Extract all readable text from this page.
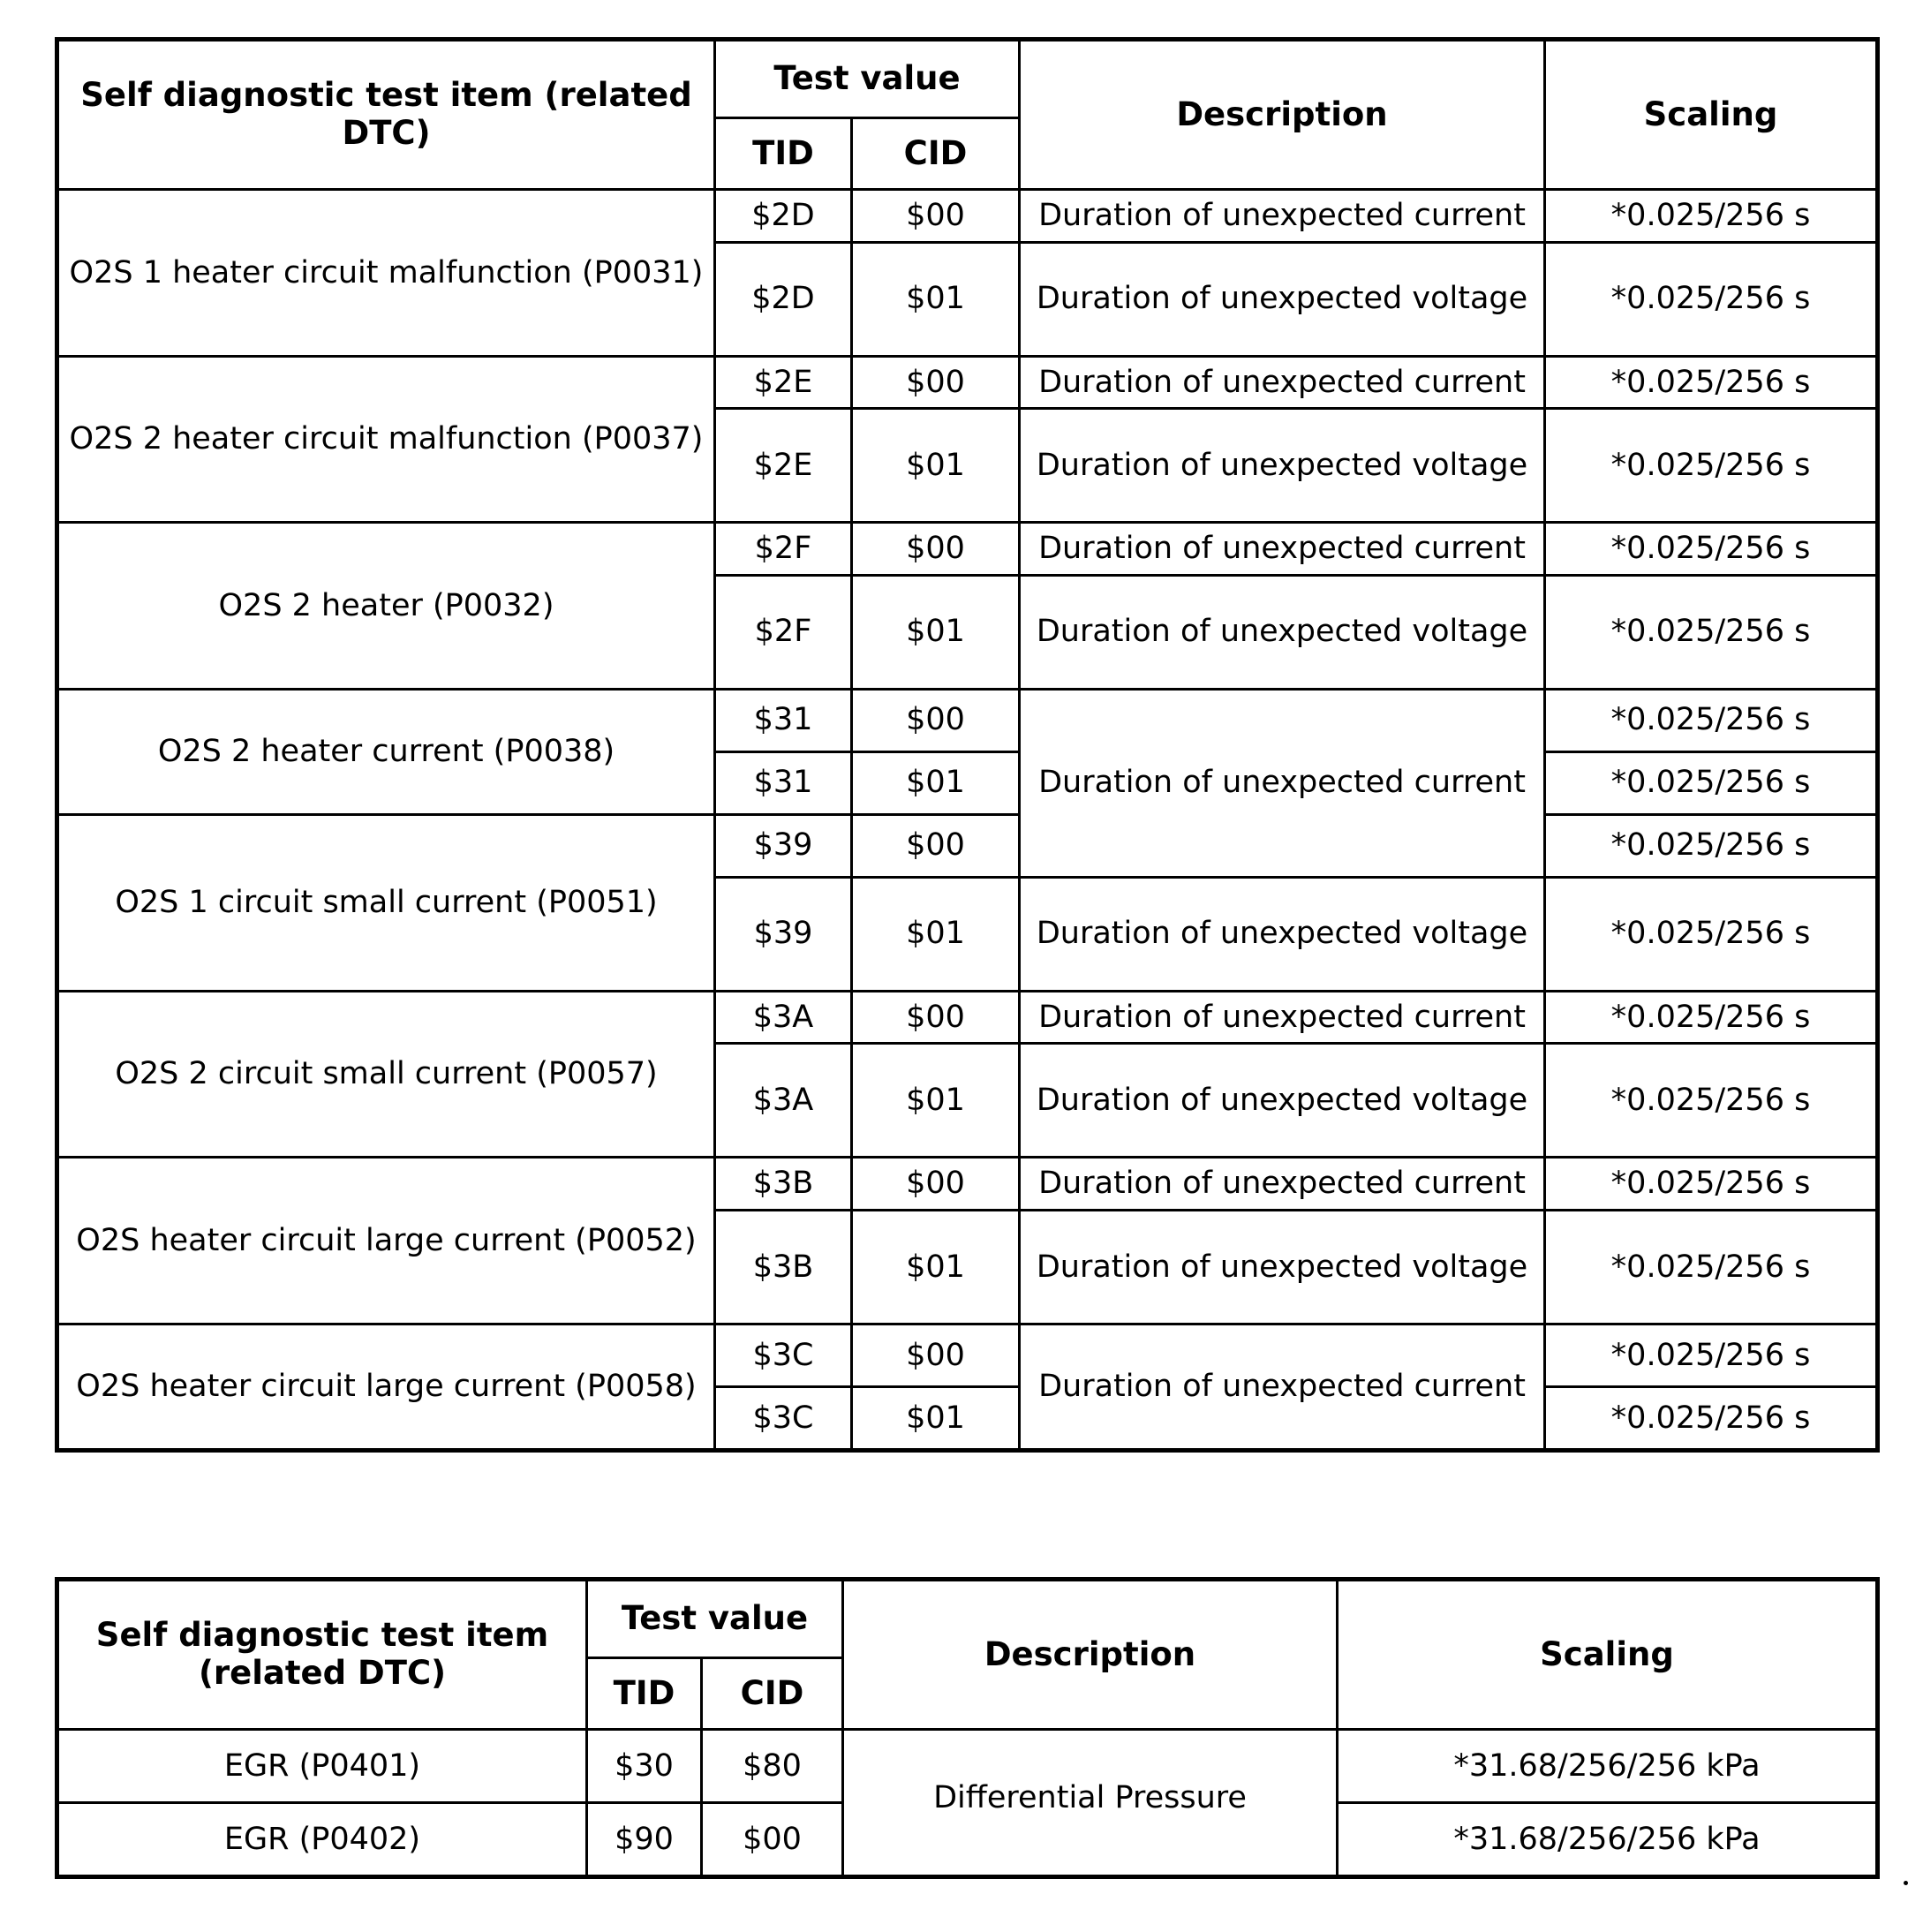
Self diagnostic test item (related DTC)	Test value		Description	Scaling
	TID	CID		
O2S 1 heater circuit malfunction (P0031)	$2D	$00	Duration of unexpected current	*0.025/256 s
	$2D	$01	Duration of unexpected voltage	*0.025/256 s
O2S 2 heater circuit malfunction (P0037)	$2E	$00	Duration of unexpected current	*0.025/256 s
	$2E	$01	Duration of unexpected voltage	*0.025/256 s
O2S 2 heater (P0032)	$2F	$00	Duration of unexpected current	*0.025/256 s
	$2F	$01	Duration of unexpected voltage	*0.025/256 s
O2S 2 heater current (P0038)	$31	$00	Duration of unexpected current	*0.025/256 s
	$31	$01		*0.025/256 s
O2S 1 circuit small current (P0051)	$39	$00		*0.025/256 s
	$39	$01	Duration of unexpected voltage	*0.025/256 s
O2S 2 circuit small current (P0057)	$3A	$00	Duration of unexpected current	*0.025/256 s
	$3A	$01	Duration of unexpected voltage	*0.025/256 s
O2S heater circuit large current (P0052)	$3B	$00	Duration of unexpected current	*0.025/256 s
	$3B	$01	Duration of unexpected voltage	*0.025/256 s
O2S heater circuit large current (P0058)	$3C	$00	Duration of unexpected current	*0.025/256 s
	$3C	$01		*0.025/256 s
Self diagnostic test item (related DTC)	Test value		Description	Scaling
	TID	CID		
EGR (P0401)	$30	$80	Differential Pressure	*31.68/256/256 kPa
EGR (P0402)	$90	$00		*31.68/256/256 kPa
